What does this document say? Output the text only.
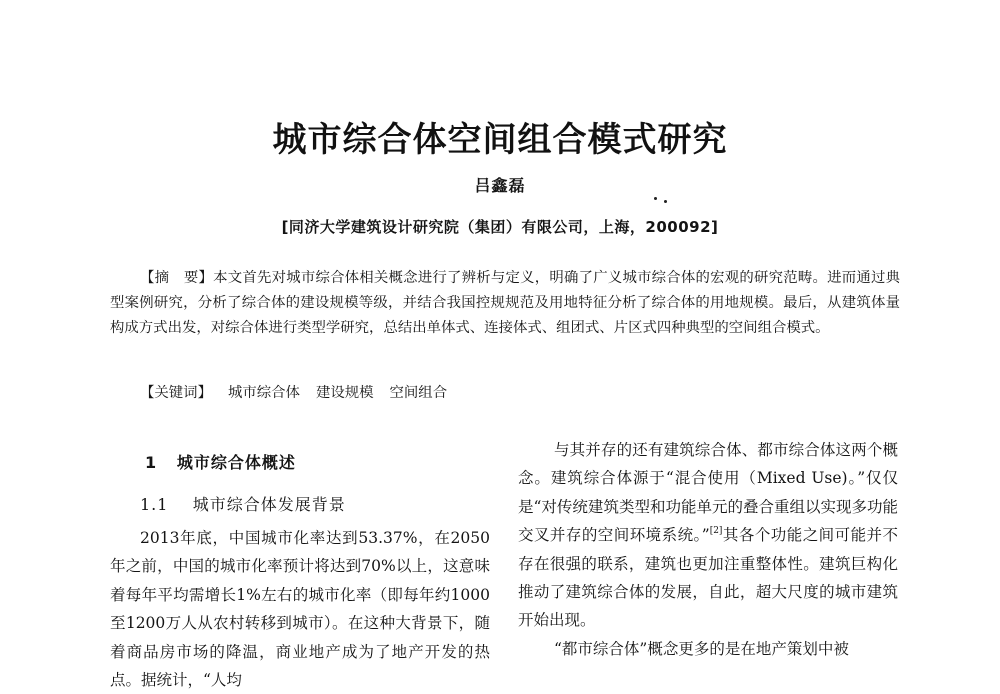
城市综合体空间组合模式研究
吕鑫磊
[同济大学建筑设计研究院（集团）有限公司，上海，200092]

【摘　要】本文首先对城市综合体相关概念进行了辨析与定义，明确了广义城市综合体的宏观的研究范畴。进而通过典型案例研究，分析了综合体的建设规模等级，并结合我国控规规范及用地特征分析了综合体的用地规模。最后，从建筑体量构成方式出发，对综合体进行类型学研究，总结出单体式、连接体式、组团式、片区式四种典型的空间组合模式。

【关键词】 城市综合体 建设规模 空间组合
1 城市综合体概述
1.1 城市综合体发展背景

2013年底，中国城市化率达到53.37%，在2050年之前，中国的城市化率预计将达到70%以上，这意味着每年平均需增长1%左右的城市化率（即每年约1000至1200万人从农村转移到城市）。在这种大背景下，随着商品房市场的降温，商业地产成为了地产开发的热点。据统计，“人均

与其并存的还有建筑综合体、都市综合体这两个概念。建筑综合体源于“混合使用（Mixed Use)。”仅仅是“对传统建筑类型和功能单元的叠合重组以实现多功能交叉并存的空间环境系统。”[2]其各个功能之间可能并不存在很强的联系，建筑也更加注重整体性。建筑巨构化推动了建筑综合体的发展，自此，超大尺度的城市建筑开始出现。

“都市综合体”概念更多的是在地产策划中被
